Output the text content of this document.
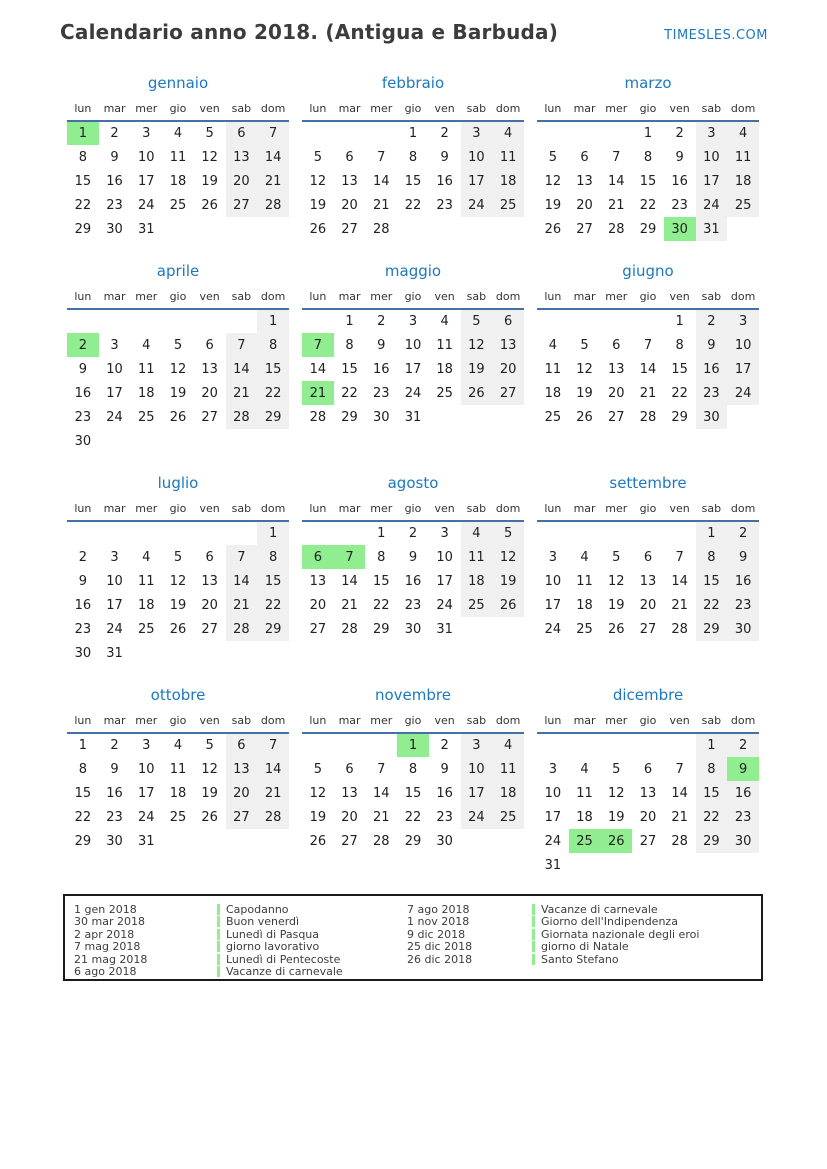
Calendario anno 2018. (Antigua e Barbuda)	TIMESLES.COM
gennaio
lun	mar	mer	gio	ven	sab	dom
1	2	3	4	5	6	7
8	9	10	11	12	13	14
15	16	17	18	19	20	21
22	23	24	25	26	27	28
29	30	31				
febbraio
lun	mar	mer	gio	ven	sab	dom
			1	2	3	4
5	6	7	8	9	10	11
12	13	14	15	16	17	18
19	20	21	22	23	24	25
26	27	28				
marzo
lun	mar	mer	gio	ven	sab	dom
			1	2	3	4
5	6	7	8	9	10	11
12	13	14	15	16	17	18
19	20	21	22	23	24	25
26	27	28	29	30	31	
aprile
lun	mar	mer	gio	ven	sab	dom
						1
2	3	4	5	6	7	8
9	10	11	12	13	14	15
16	17	18	19	20	21	22
23	24	25	26	27	28	29
30						
maggio
lun	mar	mer	gio	ven	sab	dom
	1	2	3	4	5	6
7	8	9	10	11	12	13
14	15	16	17	18	19	20
21	22	23	24	25	26	27
28	29	30	31			
giugno
lun	mar	mer	gio	ven	sab	dom
				1	2	3
4	5	6	7	8	9	10
11	12	13	14	15	16	17
18	19	20	21	22	23	24
25	26	27	28	29	30	
luglio
lun	mar	mer	gio	ven	sab	dom
						1
2	3	4	5	6	7	8
9	10	11	12	13	14	15
16	17	18	19	20	21	22
23	24	25	26	27	28	29
30	31					
agosto
lun	mar	mer	gio	ven	sab	dom
		1	2	3	4	5
6	7	8	9	10	11	12
13	14	15	16	17	18	19
20	21	22	23	24	25	26
27	28	29	30	31		
settembre
lun	mar	mer	gio	ven	sab	dom
					1	2
3	4	5	6	7	8	9
10	11	12	13	14	15	16
17	18	19	20	21	22	23
24	25	26	27	28	29	30
ottobre
lun	mar	mer	gio	ven	sab	dom
1	2	3	4	5	6	7
8	9	10	11	12	13	14
15	16	17	18	19	20	21
22	23	24	25	26	27	28
29	30	31				
novembre
lun	mar	mer	gio	ven	sab	dom
			1	2	3	4
5	6	7	8	9	10	11
12	13	14	15	16	17	18
19	20	21	22	23	24	25
26	27	28	29	30		
dicembre
lun	mar	mer	gio	ven	sab	dom
					1	2
3	4	5	6	7	8	9
10	11	12	13	14	15	16
17	18	19	20	21	22	23
24	25	26	27	28	29	30
31						
1 gen 2018	Capodanno
30 mar 2018	Buon venerdì
2 apr 2018	Lunedì di Pasqua
7 mag 2018	giorno lavorativo
21 mag 2018	Lunedì di Pentecoste
6 ago 2018	Vacanze di carnevale
7 ago 2018	Vacanze di carnevale
1 nov 2018	Giorno dell'Indipendenza
9 dic 2018	Giornata nazionale degli eroi
25 dic 2018	giorno di Natale
26 dic 2018	Santo Stefano
